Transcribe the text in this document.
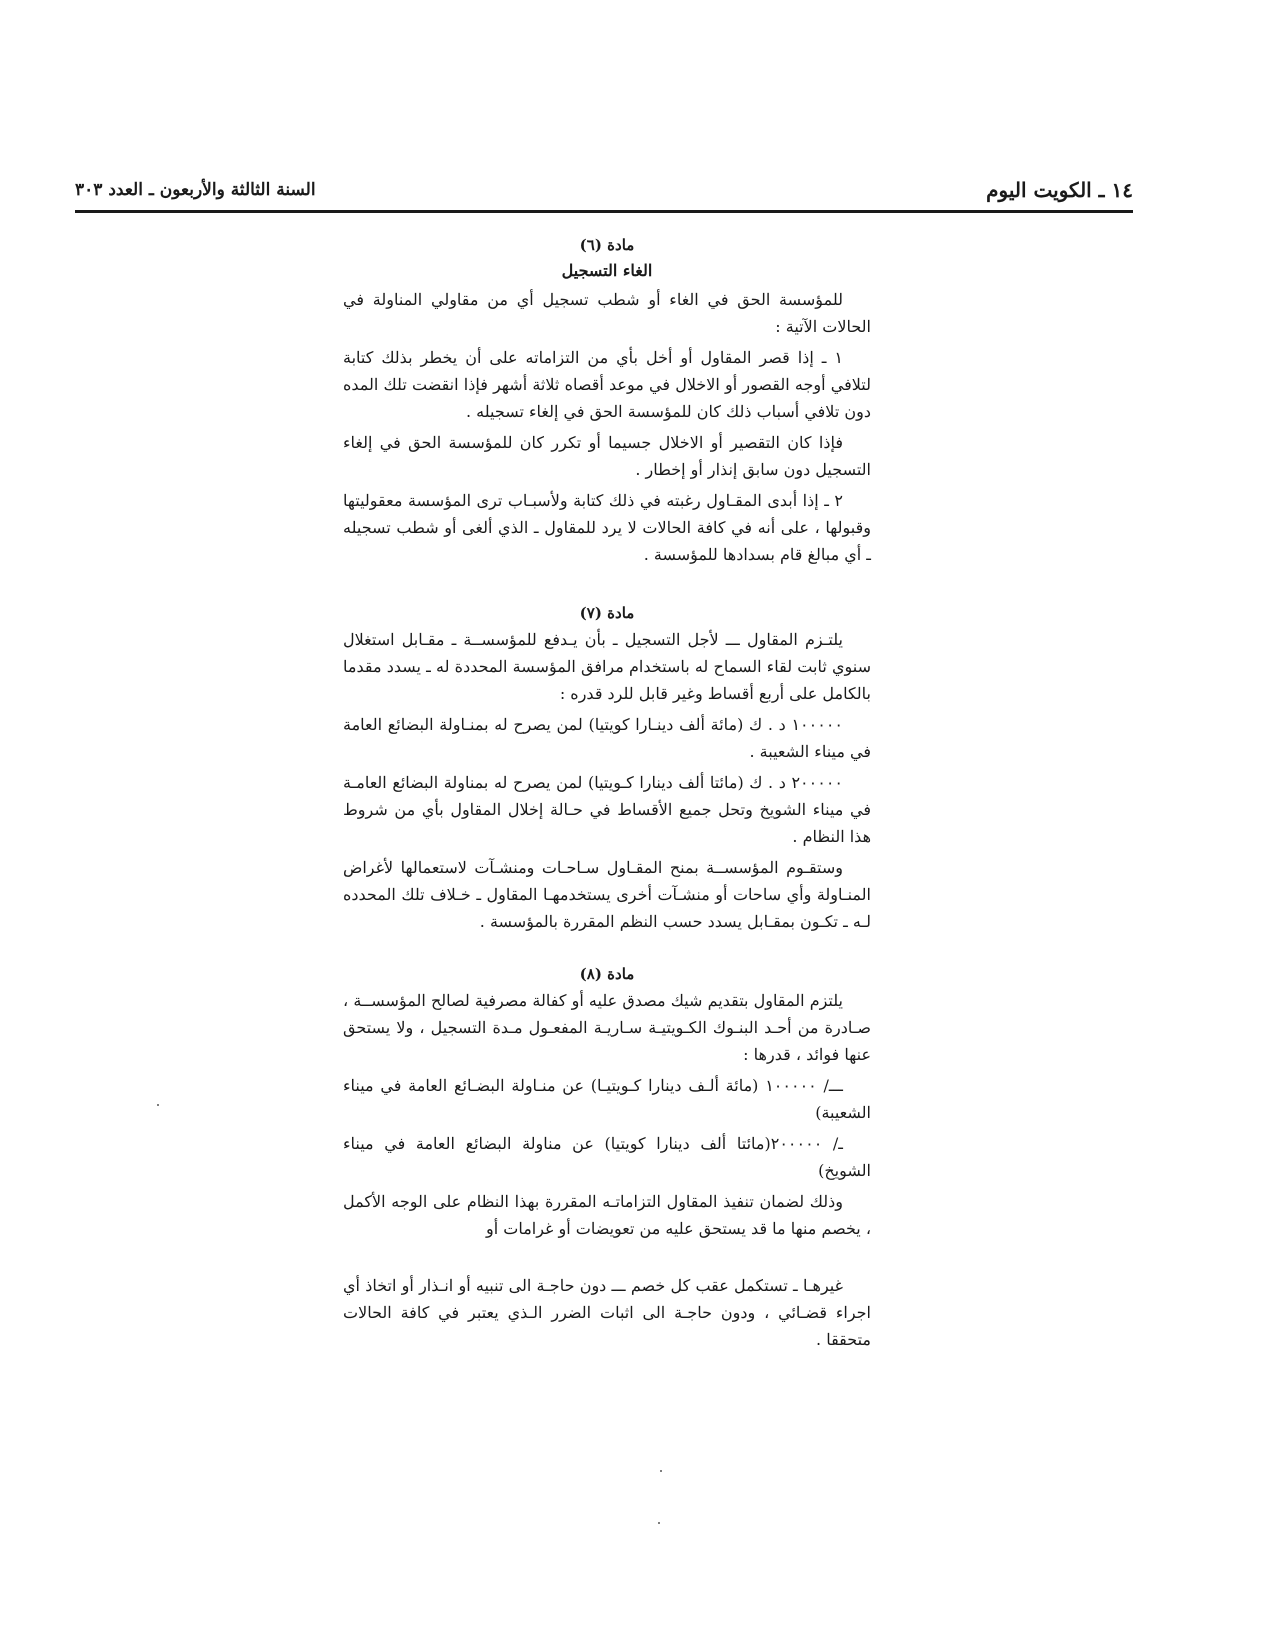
١٤ ـ الكويت اليوم
السنة الثالثة والأربعون ـ العدد ٣٠٣

مادة (٦)

الغاء التسجيل

للمؤسسة الحق في الغاء أو شطب تسجيل أي من مقاولي المناولة في الحالات الآتية :

١ ـ إذا قصر المقاول أو أخل بأي من التزاماته على أن يخطر بذلك كتابة لتلافي أوجه القصور أو الاخلال في موعد أقصاه ثلاثة أشهر فإذا انقضت تلك المده دون تلافي أسباب ذلك كان للمؤسسة الحق في إلغاء تسجيله .

فإذا كان التقصير أو الاخلال جسيما أو تكرر كان للمؤسسة الحق في إلغاء التسجيل دون سابق إنذار أو إخطار .

٢ ـ إذا أبدى المقـاول رغبته في ذلك كتابة ولأسبـاب ترى المؤسسة معقوليتها وقبولها ، على أنه في كافة الحالات لا يرد للمقاول ـ الذي ألغى أو شطب تسجيله ـ أي مبالغ قام بسدادها للمؤسسة .

مادة (٧)

يلتـزم المقاول ـــ لأجل التسجيل ـ بأن يـدفع للمؤسســة ـ مقـابل استغلال سنوي ثابت لقاء السماح له باستخدام مرافق المؤسسة المحددة له ـ يسدد مقدما بالكامل على أربع أقساط وغير قابل للرد قدره :

١٠٠٠٠٠ د . ك (مائة ألف دينـارا كويتيا) لمن يصرح له بمنـاولة البضائع العامة في ميناء الشعيبة .

٢٠٠٠٠٠ د . ك (مائتا ألف دينارا كـويتيا) لمن يصرح له بمناولة البضائع العامـة في ميناء الشويخ وتحل جميع الأقساط في حـالة إخلال المقاول بأي من شروط هذا النظام .

وستقـوم المؤسســة بمنح المقـاول سـاحـات ومنشـآت لاستعمالها لأغراض المنـاولة وأي ساحات أو منشـآت أخرى يستخدمهـا المقاول ـ خـلاف تلك المحدده لـه ـ تكـون بمقـابل يسدد حسب النظم المقررة بالمؤسسة .

مادة (٨)

يلتزم المقاول بتقديم شيك مصدق عليه أو كفالة مصرفية لصالح المؤسســة ، صـادرة من أحـد البنـوك الكـويتيـة سـاريـة المفعـول مـدة التسجيل ، ولا يستحق عنها فوائد ، قدرها :

ـــ/ ١٠٠٠٠٠ (مائة ألـف دينارا كـويتيـا) عن منـاولة البضـائع العامة في ميناء الشعيبة)

ـ/ ٢٠٠٠٠٠(مائتا ألف دينارا كويتيا) عن مناولة البضائع العامة في ميناء الشويخ)

وذلك لضمان تنفيذ المقاول التزاماتـه المقررة بهذا النظام على الوجه الأكمل ، يخصم منها ما قد يستحق عليه من تعويضات أو غرامات أو

غيرهـا ـ تستكمل عقب كل خصم ـــ دون حاجـة الى تنبيه أو انـذار أو اتخاذ أي اجراء قضـائي ، ودون حاجـة الى اثبات الضرر الـذي يعتبر في كافة الحالات متحققا .
